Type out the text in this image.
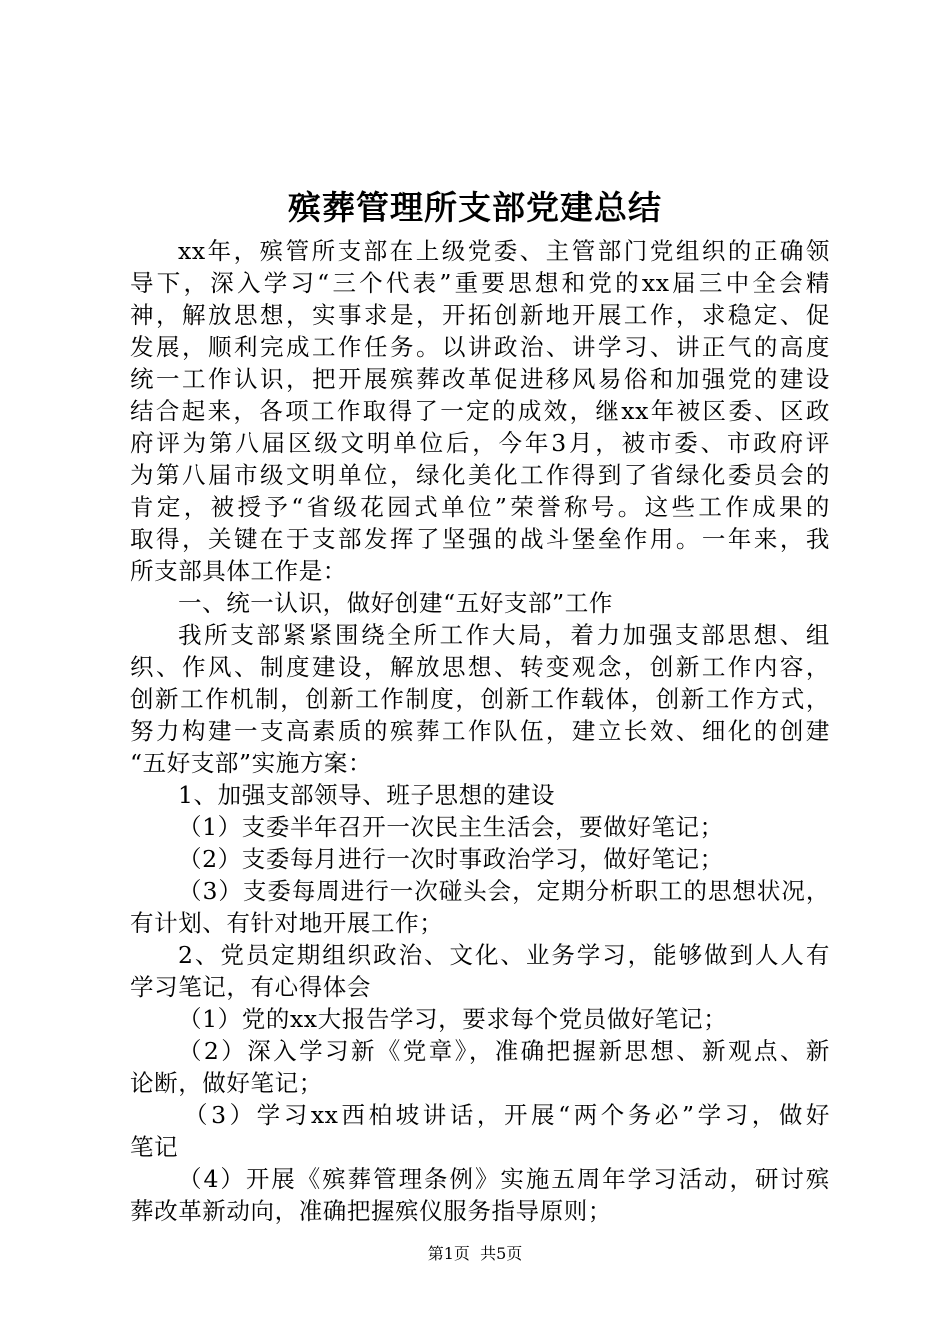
殡葬管理所支部党建总结
xx年，殡管所支部在上级党委、主管部门党组织的正确领
导下，深入学习“三个代表”重要思想和党的xx届三中全会精
神，解放思想，实事求是，开拓创新地开展工作，求稳定、促
发展，顺利完成工作任务。以讲政治、讲学习、讲正气的高度
统一工作认识，把开展殡葬改革促进移风易俗和加强党的建设
结合起来，各项工作取得了一定的成效，继xx年被区委、区政
府评为第八届区级文明单位后，今年3月，被市委、市政府评
为第八届市级文明单位，绿化美化工作得到了省绿化委员会的
肯定，被授予“省级花园式单位”荣誉称号。这些工作成果的
取得，关键在于支部发挥了坚强的战斗堡垒作用。一年来，我
所支部具体工作是：
一、统一认识，做好创建“五好支部”工作
我所支部紧紧围绕全所工作大局，着力加强支部思想、组
织、作风、制度建设，解放思想、转变观念，创新工作内容，
创新工作机制，创新工作制度，创新工作载体，创新工作方式，
努力构建一支高素质的殡葬工作队伍，建立长效、细化的创建
“五好支部”实施方案：
1、加强支部领导、班子思想的建设
（1）支委半年召开一次民主生活会，要做好笔记；
（2）支委每月进行一次时事政治学习，做好笔记；
（3）支委每周进行一次碰头会，定期分析职工的思想状况，
有计划、有针对地开展工作；
2、党员定期组织政治、文化、业务学习，能够做到人人有
学习笔记，有心得体会
（1）党的xx大报告学习，要求每个党员做好笔记；
（2）深入学习新《党章》，准确把握新思想、新观点、新
论断，做好笔记；
（3）学习xx西柏坡讲话，开展“两个务必”学习，做好
笔记
（4）开展《殡葬管理条例》实施五周年学习活动，研讨殡
葬改革新动向，准确把握殡仪服务指导原则；
第1页  共5页
